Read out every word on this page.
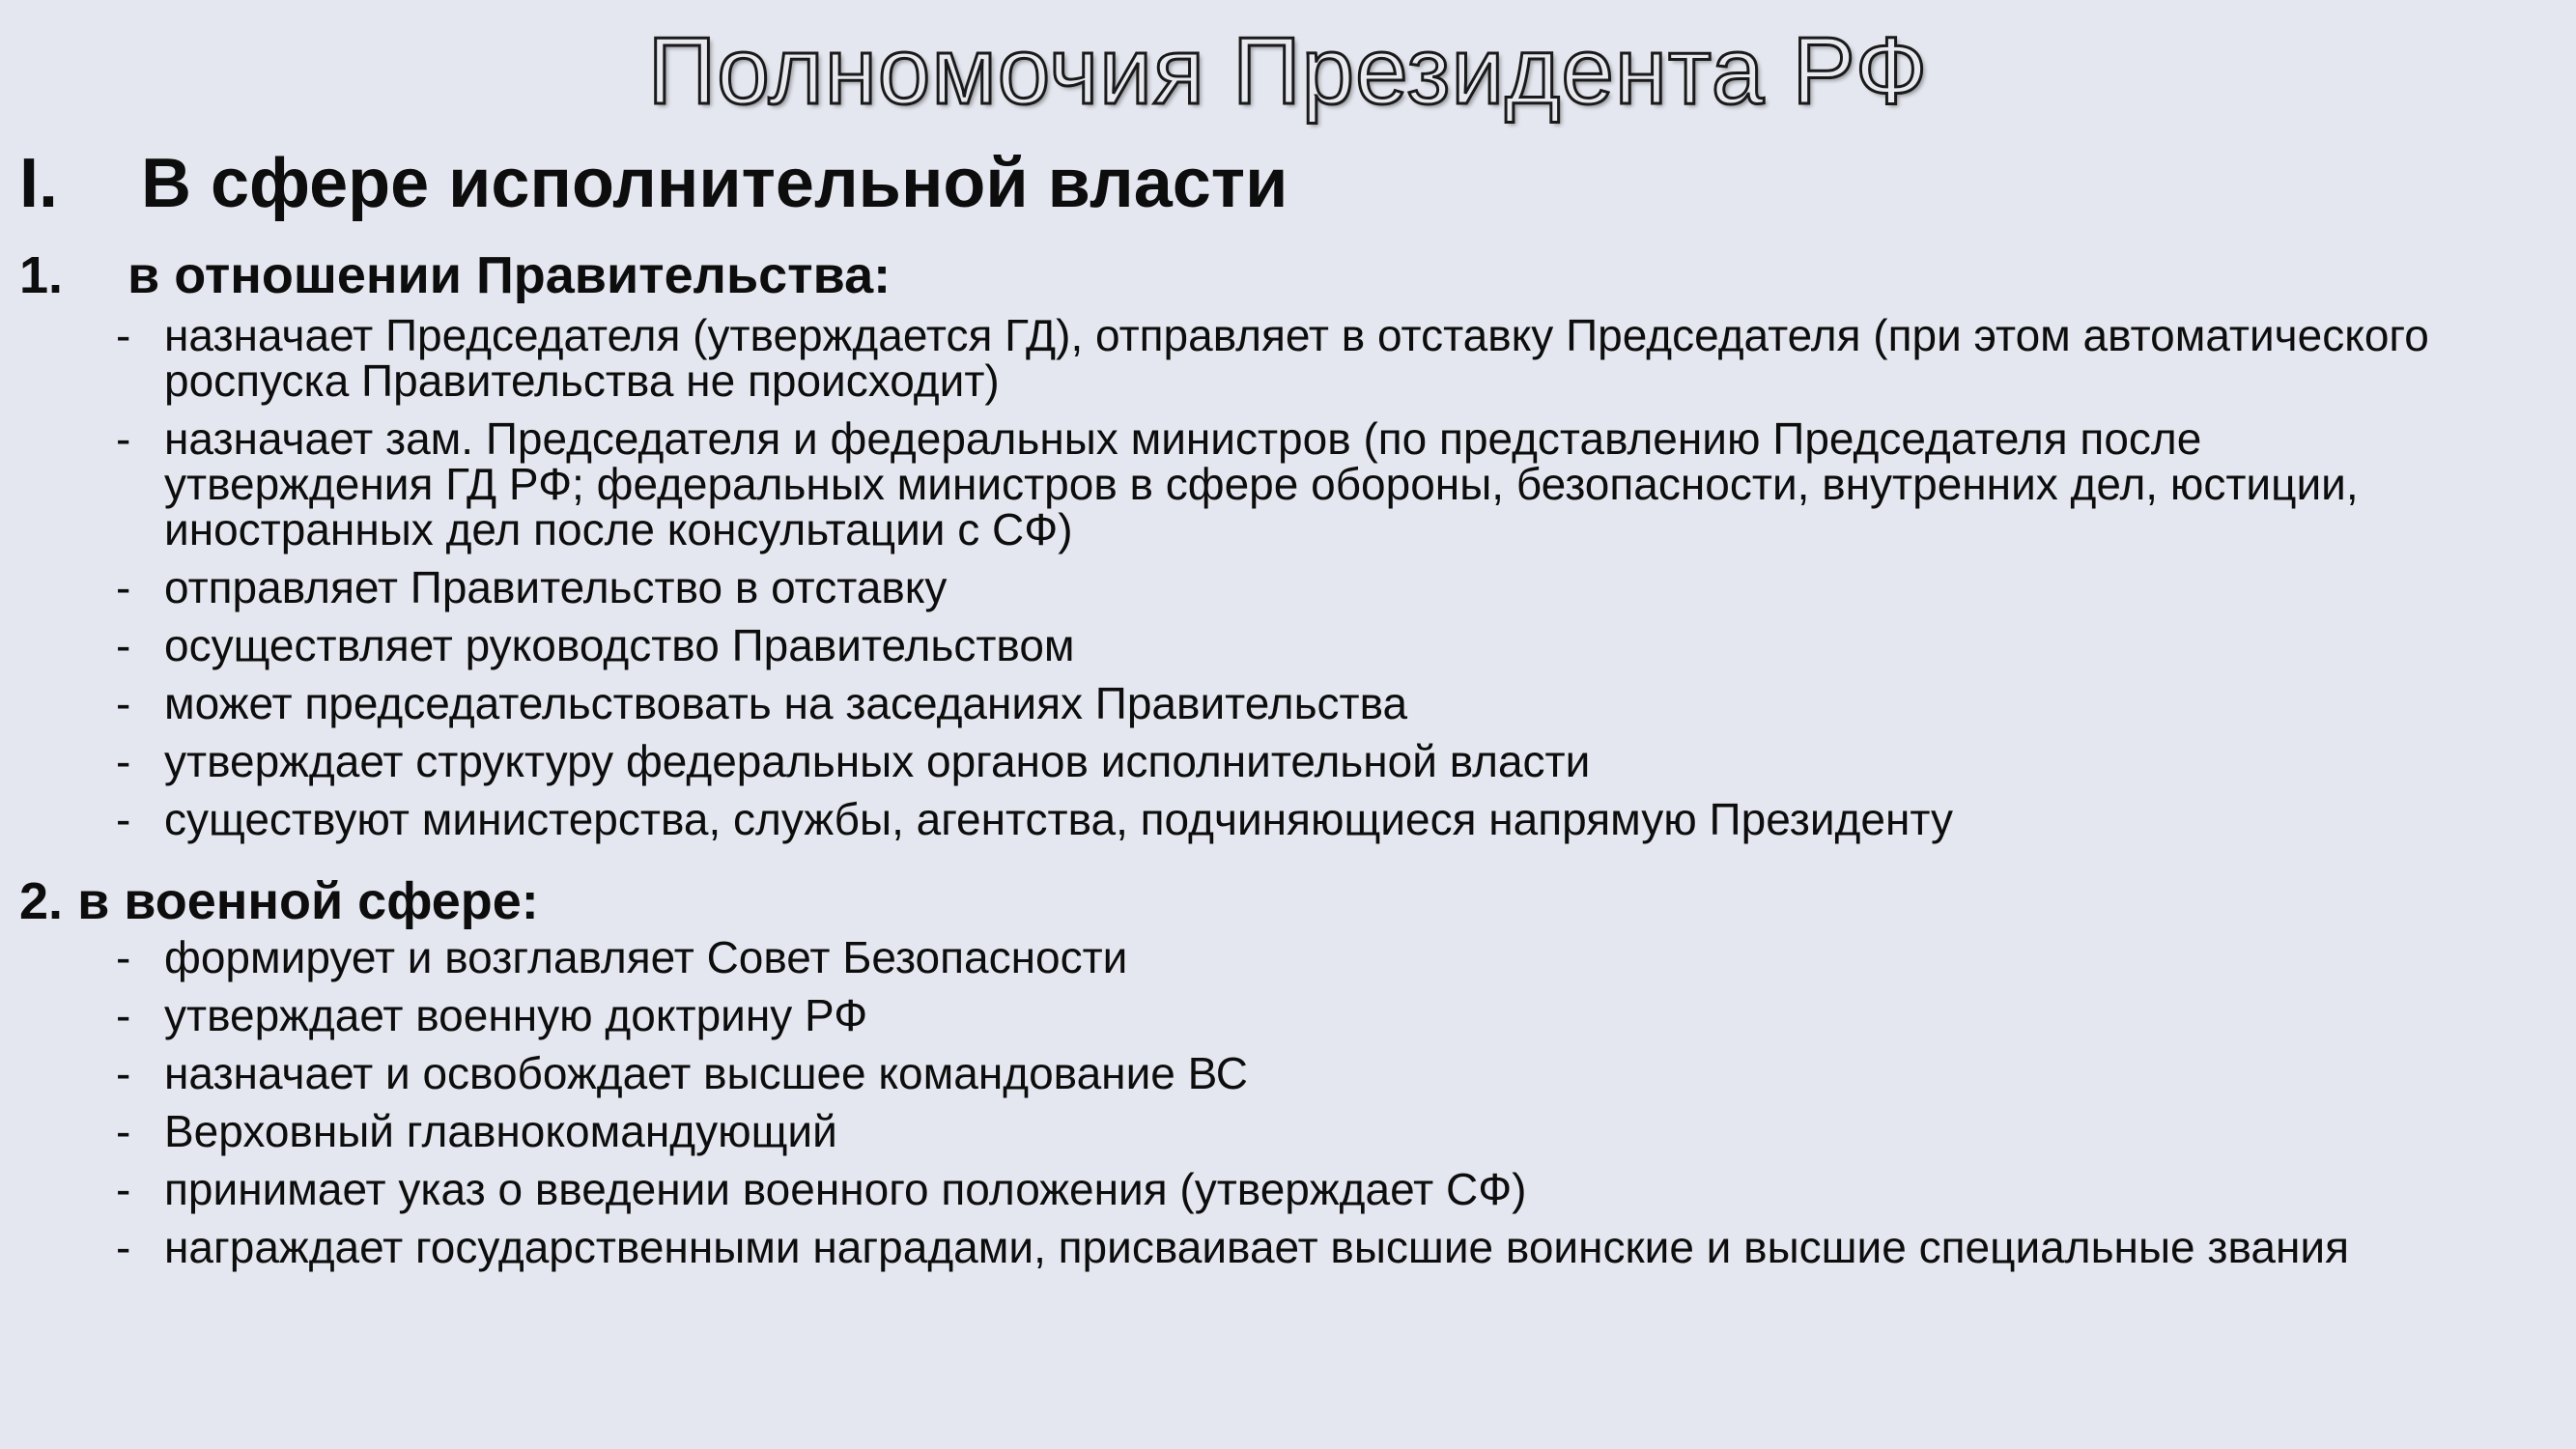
Полномочия Президента РФ
I. В сфере исполнительной власти
1. в отношении Правительства:
- назначает Председателя (утверждается ГД), отправляет в отставку Председателя (при этом автоматического роспуска Правительства не происходит)
- назначает зам. Председателя и федеральных министров (по представлению Председателя после утверждения ГД РФ; федеральных министров в сфере обороны, безопасности, внутренних дел, юстиции, иностранных дел после консультации с СФ)
- отправляет Правительство в отставку
- осуществляет руководство Правительством
- может председательствовать на заседаниях Правительства
- утверждает структуру федеральных органов исполнительной власти
- существуют министерства, службы, агентства, подчиняющиеся напрямую Президенту
2. в военной сфере:
- формирует и возглавляет Совет Безопасности
- утверждает военную доктрину РФ
- назначает и освобождает высшее командование ВС
- Верховный главнокомандующий
- принимает указ о введении военного положения (утверждает СФ)
- награждает государственными наградами, присваивает высшие воинские и высшие специальные звания
